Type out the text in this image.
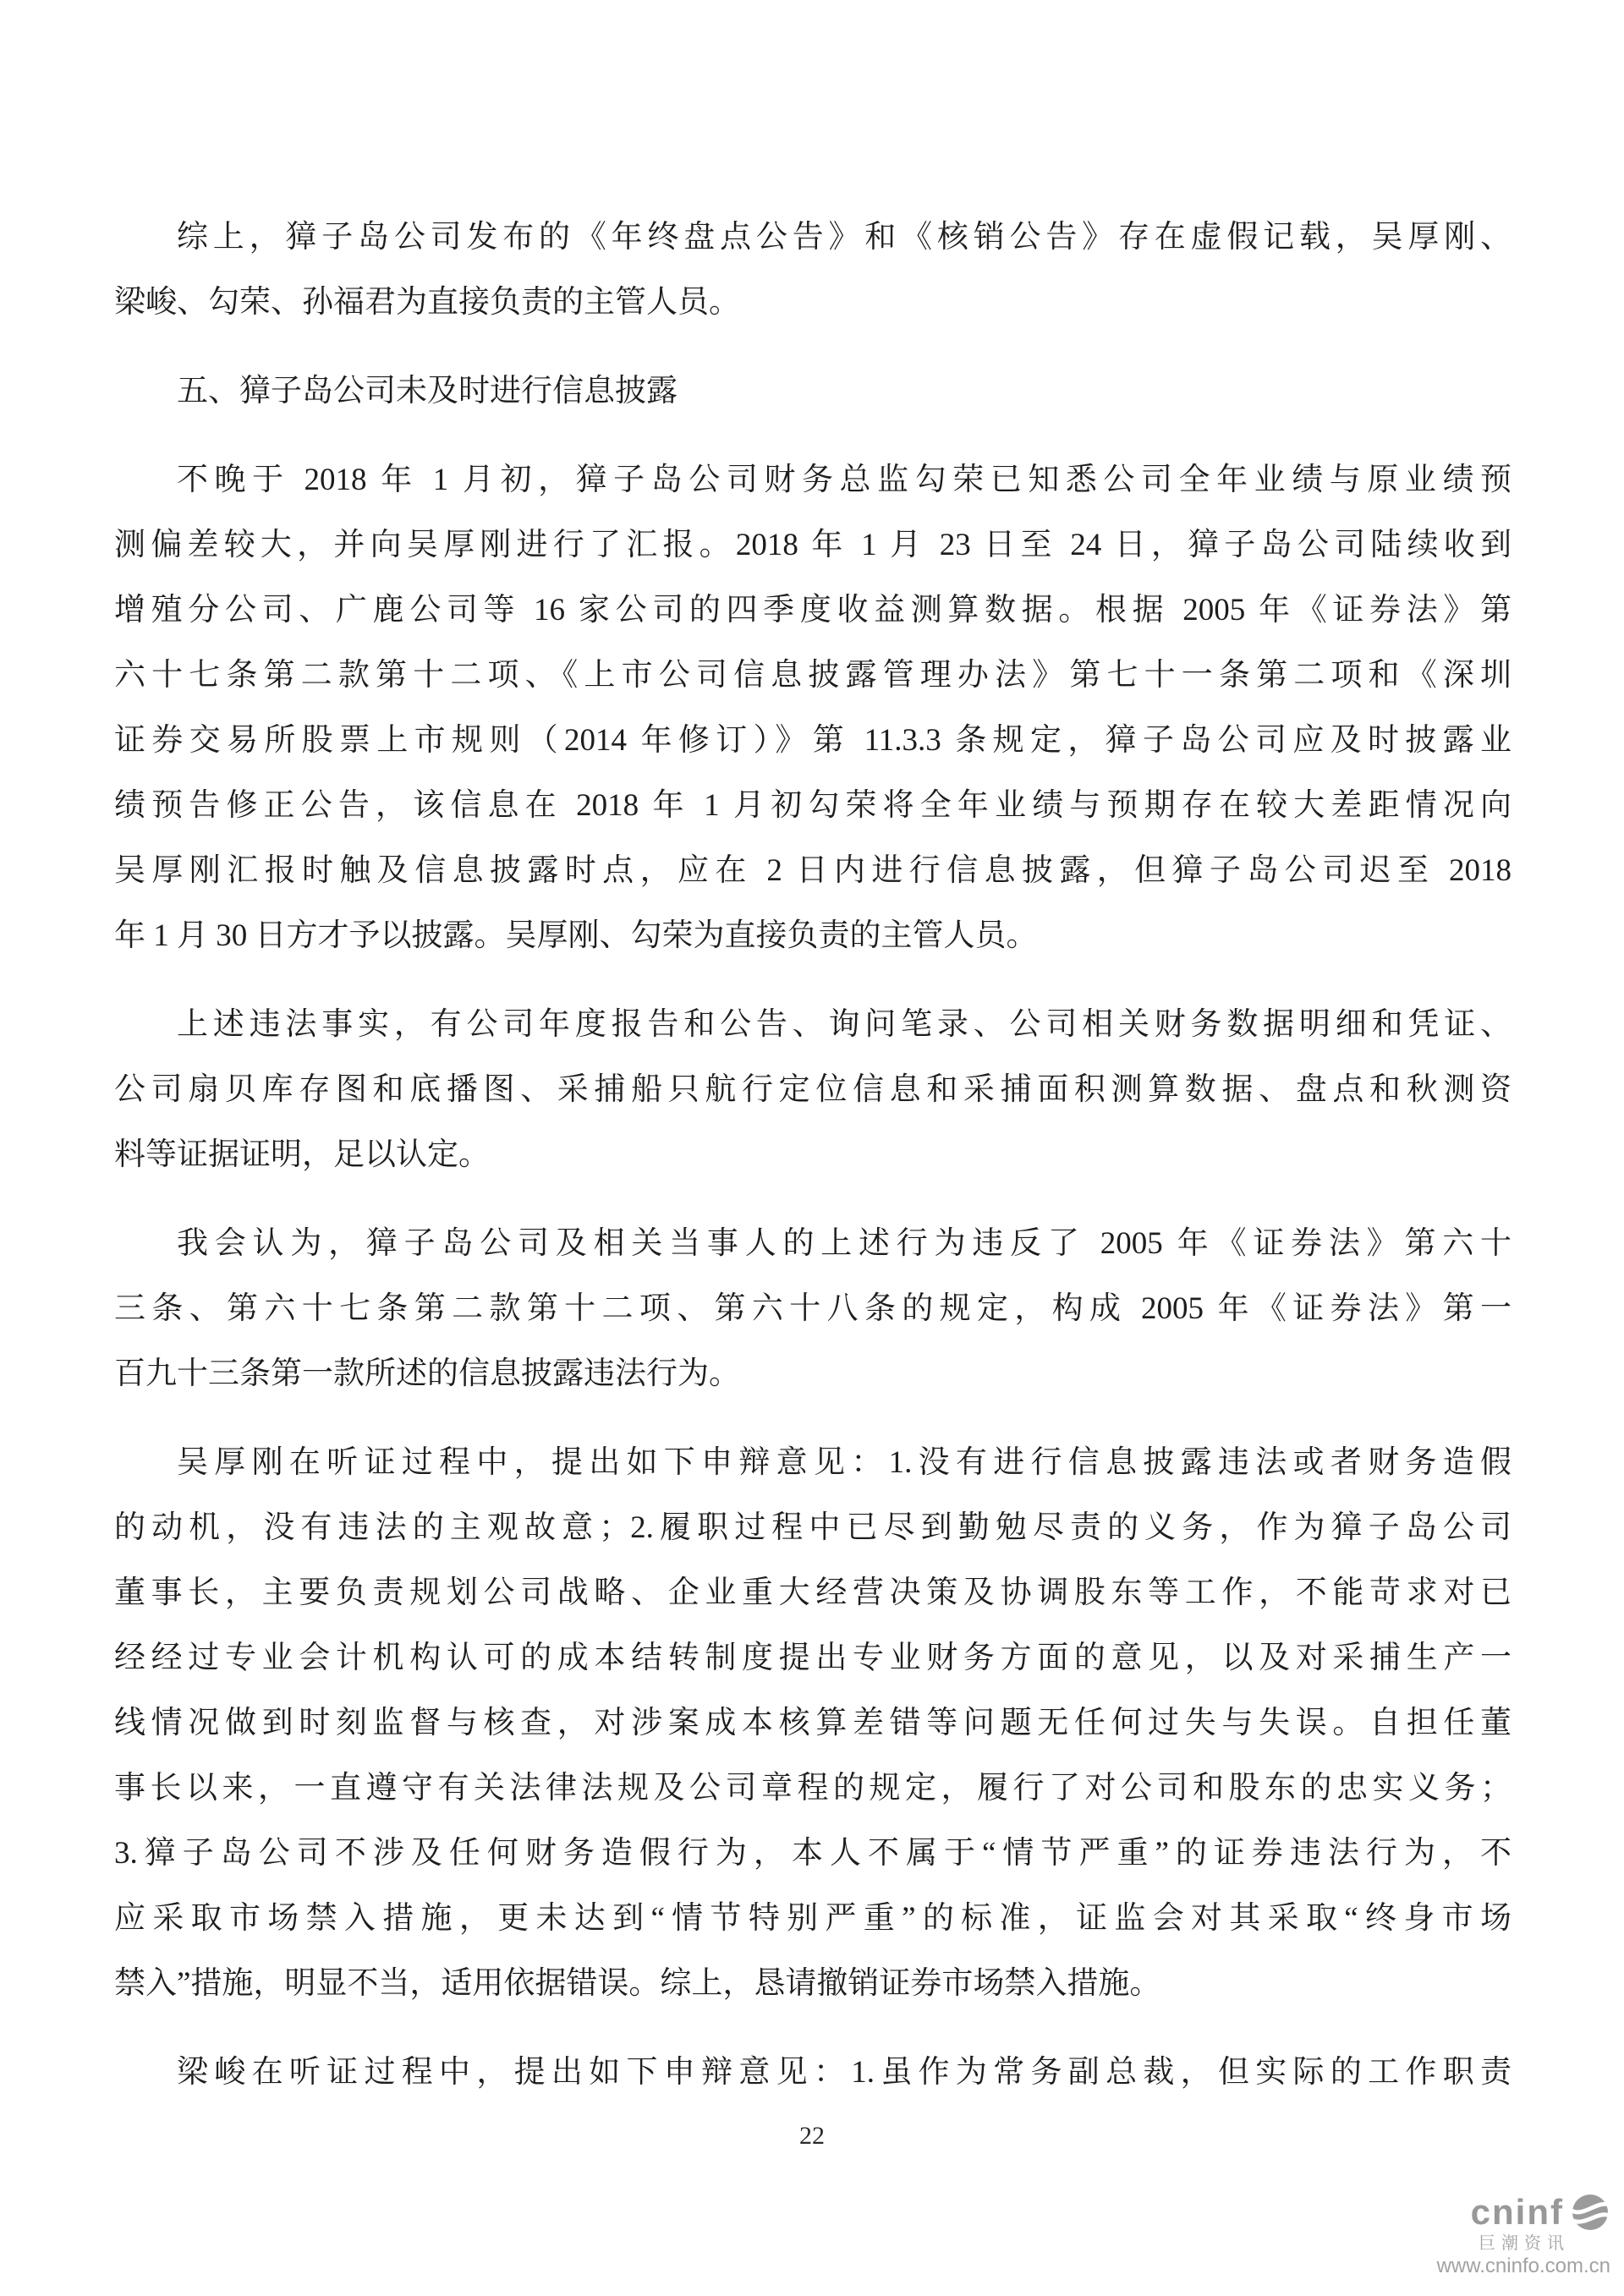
综上，獐子岛公司发布的《年终盘点公告》和《核销公告》存在虚假记载，吴厚刚、
梁峻、勾荣、孙福君为直接负责的主管人员。
五、獐子岛公司未及时进行信息披露
不晚于 2018 年 1 月初，獐子岛公司财务总监勾荣已知悉公司全年业绩与原业绩预
测偏差较大，并向吴厚刚进行了汇报。2018 年 1 月 23 日至 24 日，獐子岛公司陆续收到
增殖分公司、广鹿公司等 16 家公司的四季度收益测算数据。根据 2005 年《证券法》第
六十七条第二款第十二项、《上市公司信息披露管理办法》第七十一条第二项和《深圳
证券交易所股票上市规则（2014 年修订）》第 11.3.3 条规定，獐子岛公司应及时披露业
绩预告修正公告，该信息在 2018 年 1 月初勾荣将全年业绩与预期存在较大差距情况向
吴厚刚汇报时触及信息披露时点，应在 2 日内进行信息披露，但獐子岛公司迟至 2018
年 1 月 30 日方才予以披露。吴厚刚、勾荣为直接负责的主管人员。
上述违法事实，有公司年度报告和公告、询问笔录、公司相关财务数据明细和凭证、
公司扇贝库存图和底播图、采捕船只航行定位信息和采捕面积测算数据、盘点和秋测资
料等证据证明，足以认定。
我会认为，獐子岛公司及相关当事人的上述行为违反了 2005 年《证券法》第六十
三条、第六十七条第二款第十二项、第六十八条的规定，构成 2005 年《证券法》第一
百九十三条第一款所述的信息披露违法行为。
吴厚刚在听证过程中，提出如下申辩意见：1.没有进行信息披露违法或者财务造假
的动机，没有违法的主观故意；2.履职过程中已尽到勤勉尽责的义务，作为獐子岛公司
董事长，主要负责规划公司战略、企业重大经营决策及协调股东等工作，不能苛求对已
经经过专业会计机构认可的成本结转制度提出专业财务方面的意见，以及对采捕生产一
线情况做到时刻监督与核查，对涉案成本核算差错等问题无任何过失与失误。自担任董
事长以来，一直遵守有关法律法规及公司章程的规定，履行了对公司和股东的忠实义务；
3.獐子岛公司不涉及任何财务造假行为，本人不属于“情节严重”的证券违法行为，不
应采取市场禁入措施，更未达到“情节特别严重”的标准，证监会对其采取“终身市场
禁入”措施，明显不当，适用依据错误。综上，恳请撤销证券市场禁入措施。
梁峻在听证过程中，提出如下申辩意见：1.虽作为常务副总裁，但实际的工作职责
22
cninf
巨潮资讯
www.cninfo.com.cn
